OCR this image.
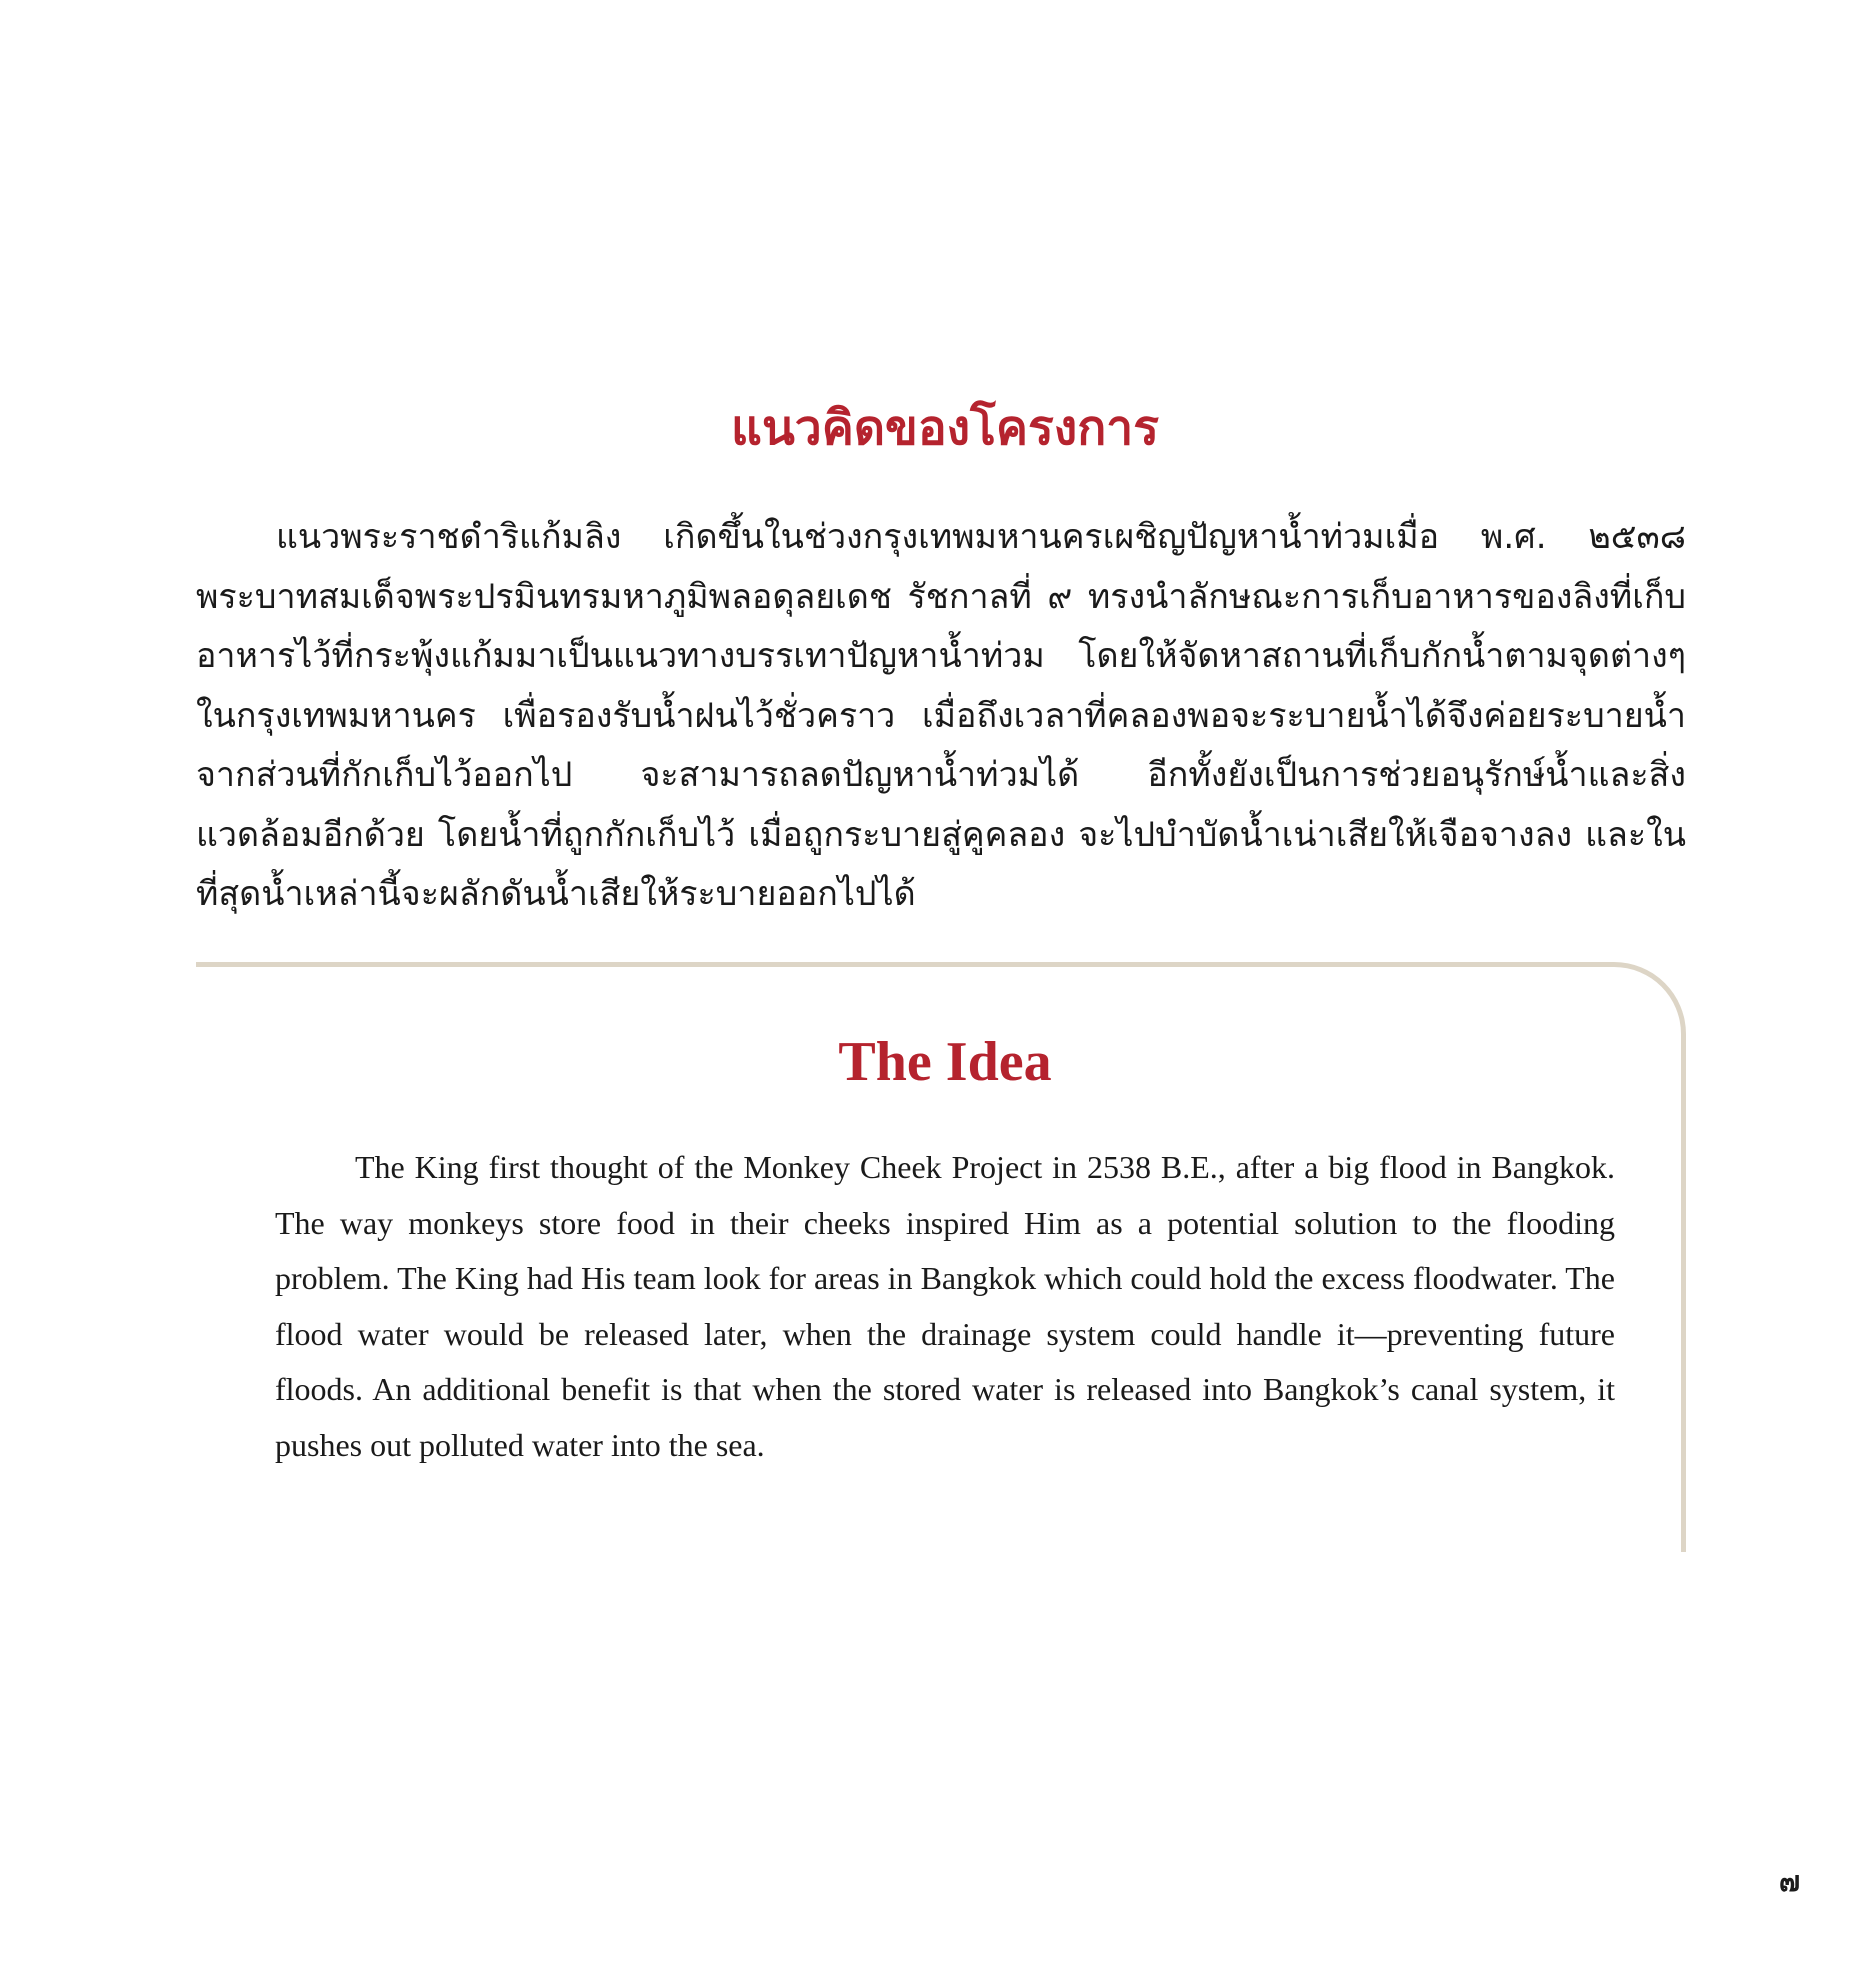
แนวคิดของโครงการ

แนวพระราชดำริแก้มลิง เกิดขึ้นในช่วงกรุงเทพมหานครเผชิญปัญหาน้ำท่วมเมื่อ พ.ศ. ๒๕๓๘ พระบาทสมเด็จพระปรมินทรมหาภูมิพลอดุลยเดช รัชกาลที่ ๙ ทรงนำลักษณะการเก็บอาหารของลิงที่เก็บอาหารไว้ที่กระพุ้งแก้มมาเป็นแนวทางบรรเทาปัญหาน้ำท่วม โดยให้จัดหาสถานที่เก็บกักน้ำตามจุดต่างๆ ในกรุงเทพมหานคร เพื่อรองรับน้ำฝนไว้ชั่วคราว เมื่อถึงเวลาที่คลองพอจะระบายน้ำได้จึงค่อยระบายน้ำจากส่วนที่กักเก็บไว้ออกไป จะสามารถลดปัญหาน้ำท่วมได้ อีกทั้งยังเป็นการช่วยอนุรักษ์น้ำและสิ่งแวดล้อมอีกด้วย โดยน้ำที่ถูกกักเก็บไว้ เมื่อถูกระบายสู่คูคลอง จะไปบำบัดน้ำเน่าเสียให้เจือจางลง และในที่สุดน้ำเหล่านี้จะผลักดันน้ำเสียให้ระบายออกไปได้

The Idea

The King first thought of the Monkey Cheek Project in 2538 B.E., after a big flood in Bangkok. The way monkeys store food in their cheeks inspired Him as a potential solution to the flooding problem. The King had His team look for areas in Bangkok which could hold the excess floodwater. The flood water would be released later, when the drainage system could handle it—preventing future floods. An additional benefit is that when the stored water is released into Bangkok’s canal system, it pushes out polluted water into the sea.

๗
